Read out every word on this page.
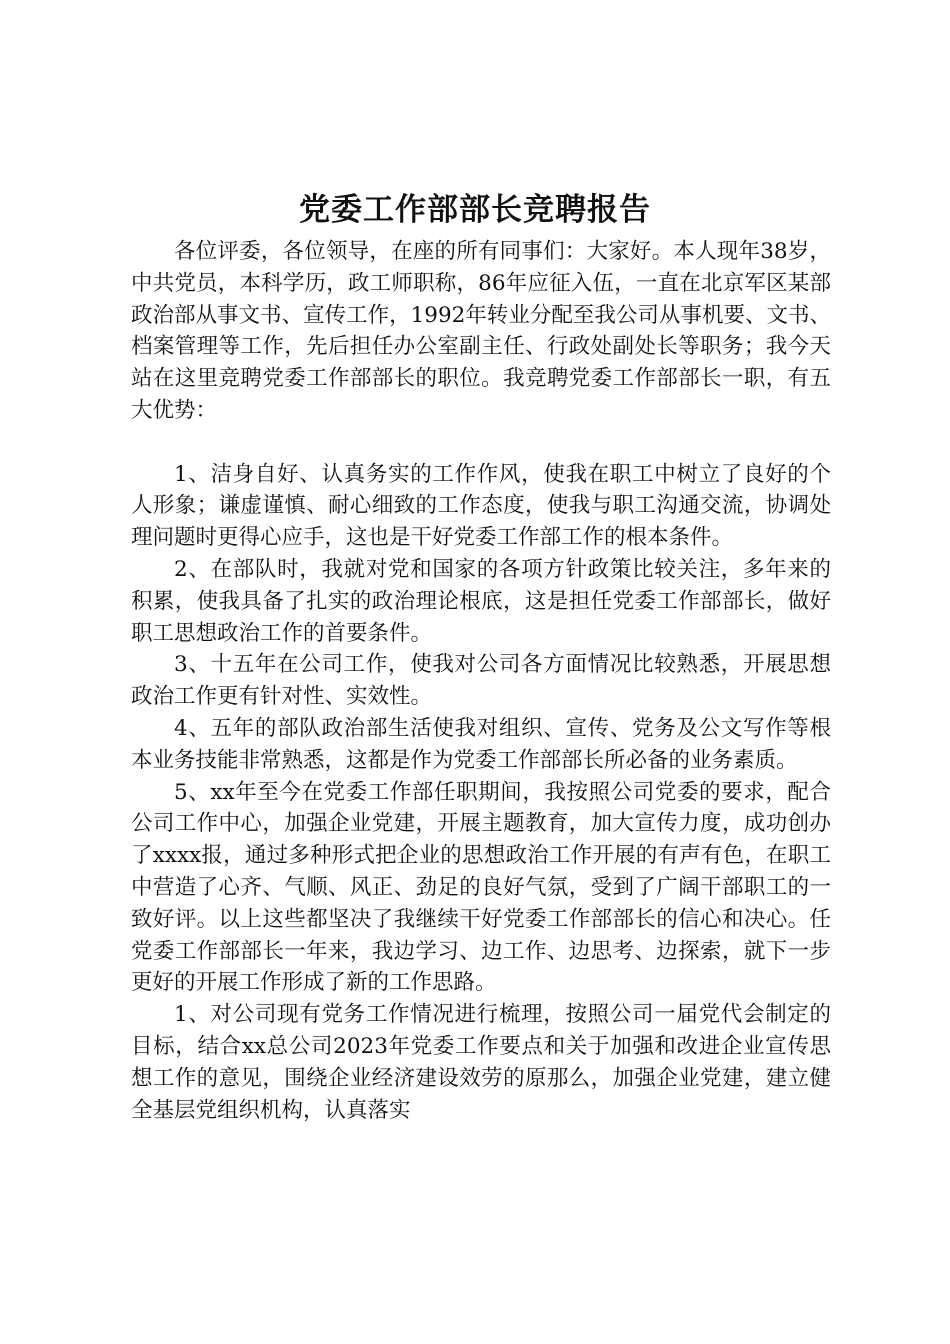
党委工作部部长竞聘报告

各位评委，各位领导，在座的所有同事们：大家好。本人现年38岁，中共党员，本科学历，政工师职称，86年应征入伍，一直在北京军区某部政治部从事文书、宣传工作，1992年转业分配至我公司从事机要、文书、档案管理等工作，先后担任办公室副主任、行政处副处长等职务；我今天站在这里竞聘党委工作部部长的职位。我竞聘党委工作部部长一职，有五大优势：

1、洁身自好、认真务实的工作作风，使我在职工中树立了良好的个人形象；谦虚谨慎、耐心细致的工作态度，使我与职工沟通交流，协调处理问题时更得心应手，这也是干好党委工作部工作的根本条件。

2、在部队时，我就对党和国家的各项方针政策比较关注，多年来的积累，使我具备了扎实的政治理论根底，这是担任党委工作部部长，做好职工思想政治工作的首要条件。

3、十五年在公司工作，使我对公司各方面情况比较熟悉，开展思想政治工作更有针对性、实效性。

4、五年的部队政治部生活使我对组织、宣传、党务及公文写作等根本业务技能非常熟悉，这都是作为党委工作部部长所必备的业务素质。

5、xx年至今在党委工作部任职期间，我按照公司党委的要求，配合公司工作中心，加强企业党建，开展主题教育，加大宣传力度，成功创办了xxxx报，通过多种形式把企业的思想政治工作开展的有声有色，在职工中营造了心齐、气顺、风正、劲足的良好气氛，受到了广阔干部职工的一致好评。以上这些都坚决了我继续干好党委工作部部长的信心和决心。任党委工作部部长一年来，我边学习、边工作、边思考、边探索，就下一步更好的开展工作形成了新的工作思路。

1、对公司现有党务工作情况进行梳理，按照公司一届党代会制定的目标，结合xx总公司2023年党委工作要点和关于加强和改进企业宣传思想工作的意见，围绕企业经济建设效劳的原那么，加强企业党建，建立健全基层党组织机构，认真落实
